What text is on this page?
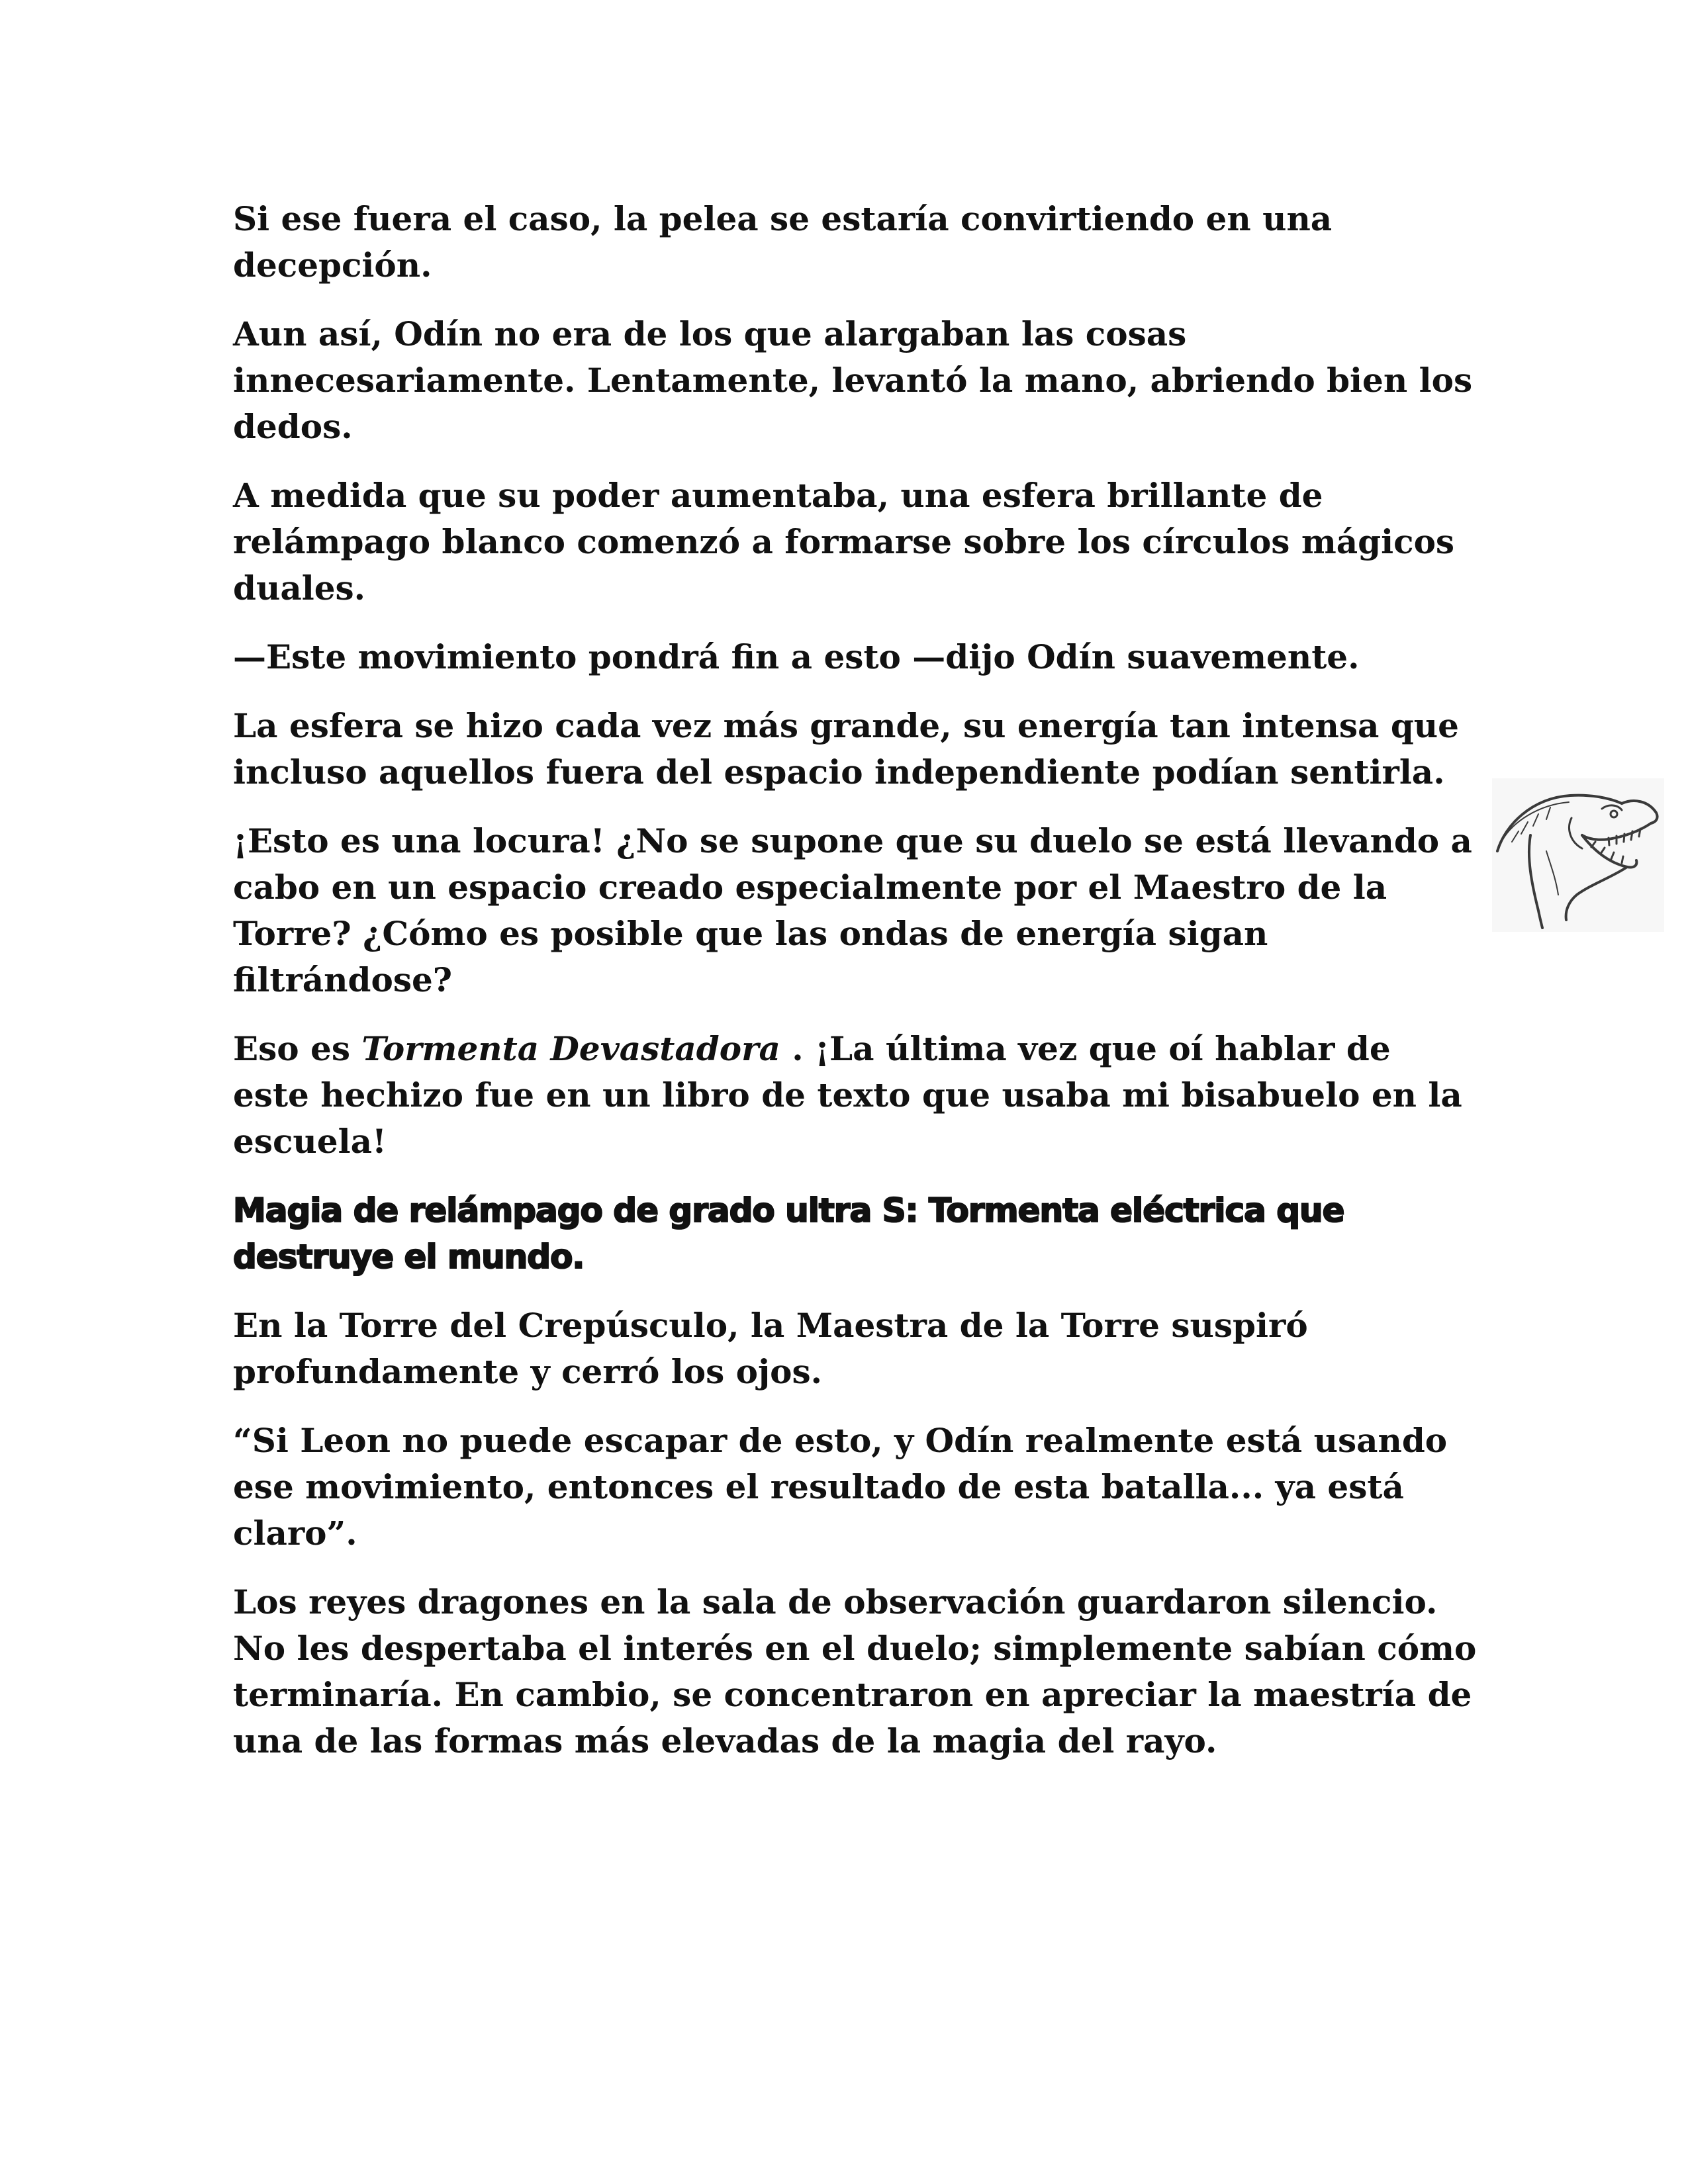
Si ese fuera el caso, la pelea se estaría convirtiendo en una decepción.

Aun así, Odín no era de los que alargaban las cosas innecesariamente. Lentamente, levantó la mano, abriendo bien los dedos.

A medida que su poder aumentaba, una esfera brillante de relámpago blanco comenzó a formarse sobre los círculos mágicos duales.

—Este movimiento pondrá fin a esto —dijo Odín suavemente.

La esfera se hizo cada vez más grande, su energía tan intensa que incluso aquellos fuera del espacio independiente podían sentirla.

¡Esto es una locura! ¿No se supone que su duelo se está llevando a cabo en un espacio creado especialmente por el Maestro de la Torre? ¿Cómo es posible que las ondas de energía sigan filtrándose?

Eso es Tormenta Devastadora . ¡La última vez que oí hablar de este hechizo fue en un libro de texto que usaba mi bisabuelo en la escuela!

Magia de relámpago de grado ultra S: Tormenta eléctrica que destruye el mundo.

En la Torre del Crepúsculo, la Maestra de la Torre suspiró profundamente y cerró los ojos.

“Si Leon no puede escapar de esto, y Odín realmente está usando ese movimiento, entonces el resultado de esta batalla... ya está claro”.

Los reyes dragones en la sala de observación guardaron silencio. No les despertaba el interés en el duelo; simplemente sabían cómo terminaría. En cambio, se concentraron en apreciar la maestría de una de las formas más elevadas de la magia del rayo.
